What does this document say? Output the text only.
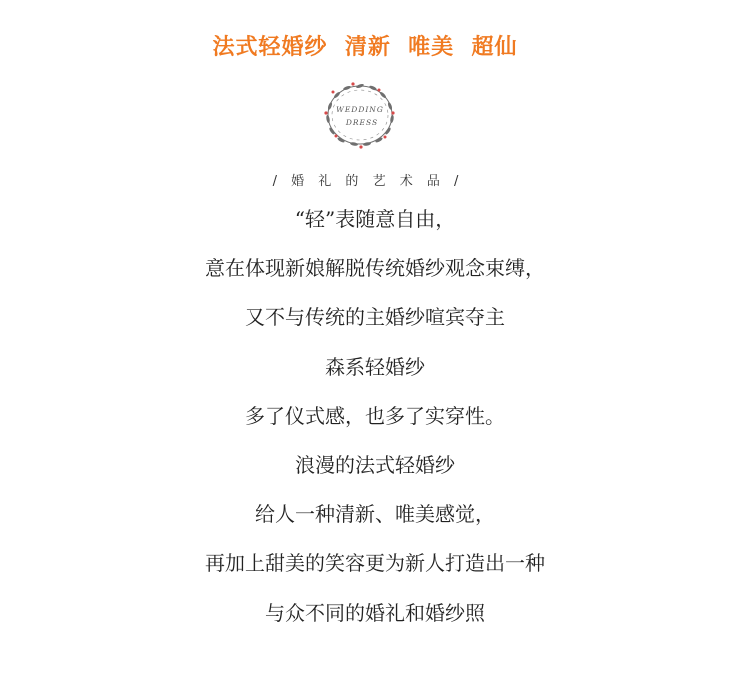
法式轻婚纱  清新  唯美  超仙
WEDDING
DRESS
/ 婚 礼 的 艺 术 品 /
“轻”表随意自由，
意在体现新娘解脱传统婚纱观念束缚，
又不与传统的主婚纱喧宾夺主
森系轻婚纱
多了仪式感，也多了实穿性。
浪漫的法式轻婚纱
给人一种清新、唯美感觉，
再加上甜美的笑容更为新人打造出一种
与众不同的婚礼和婚纱照
